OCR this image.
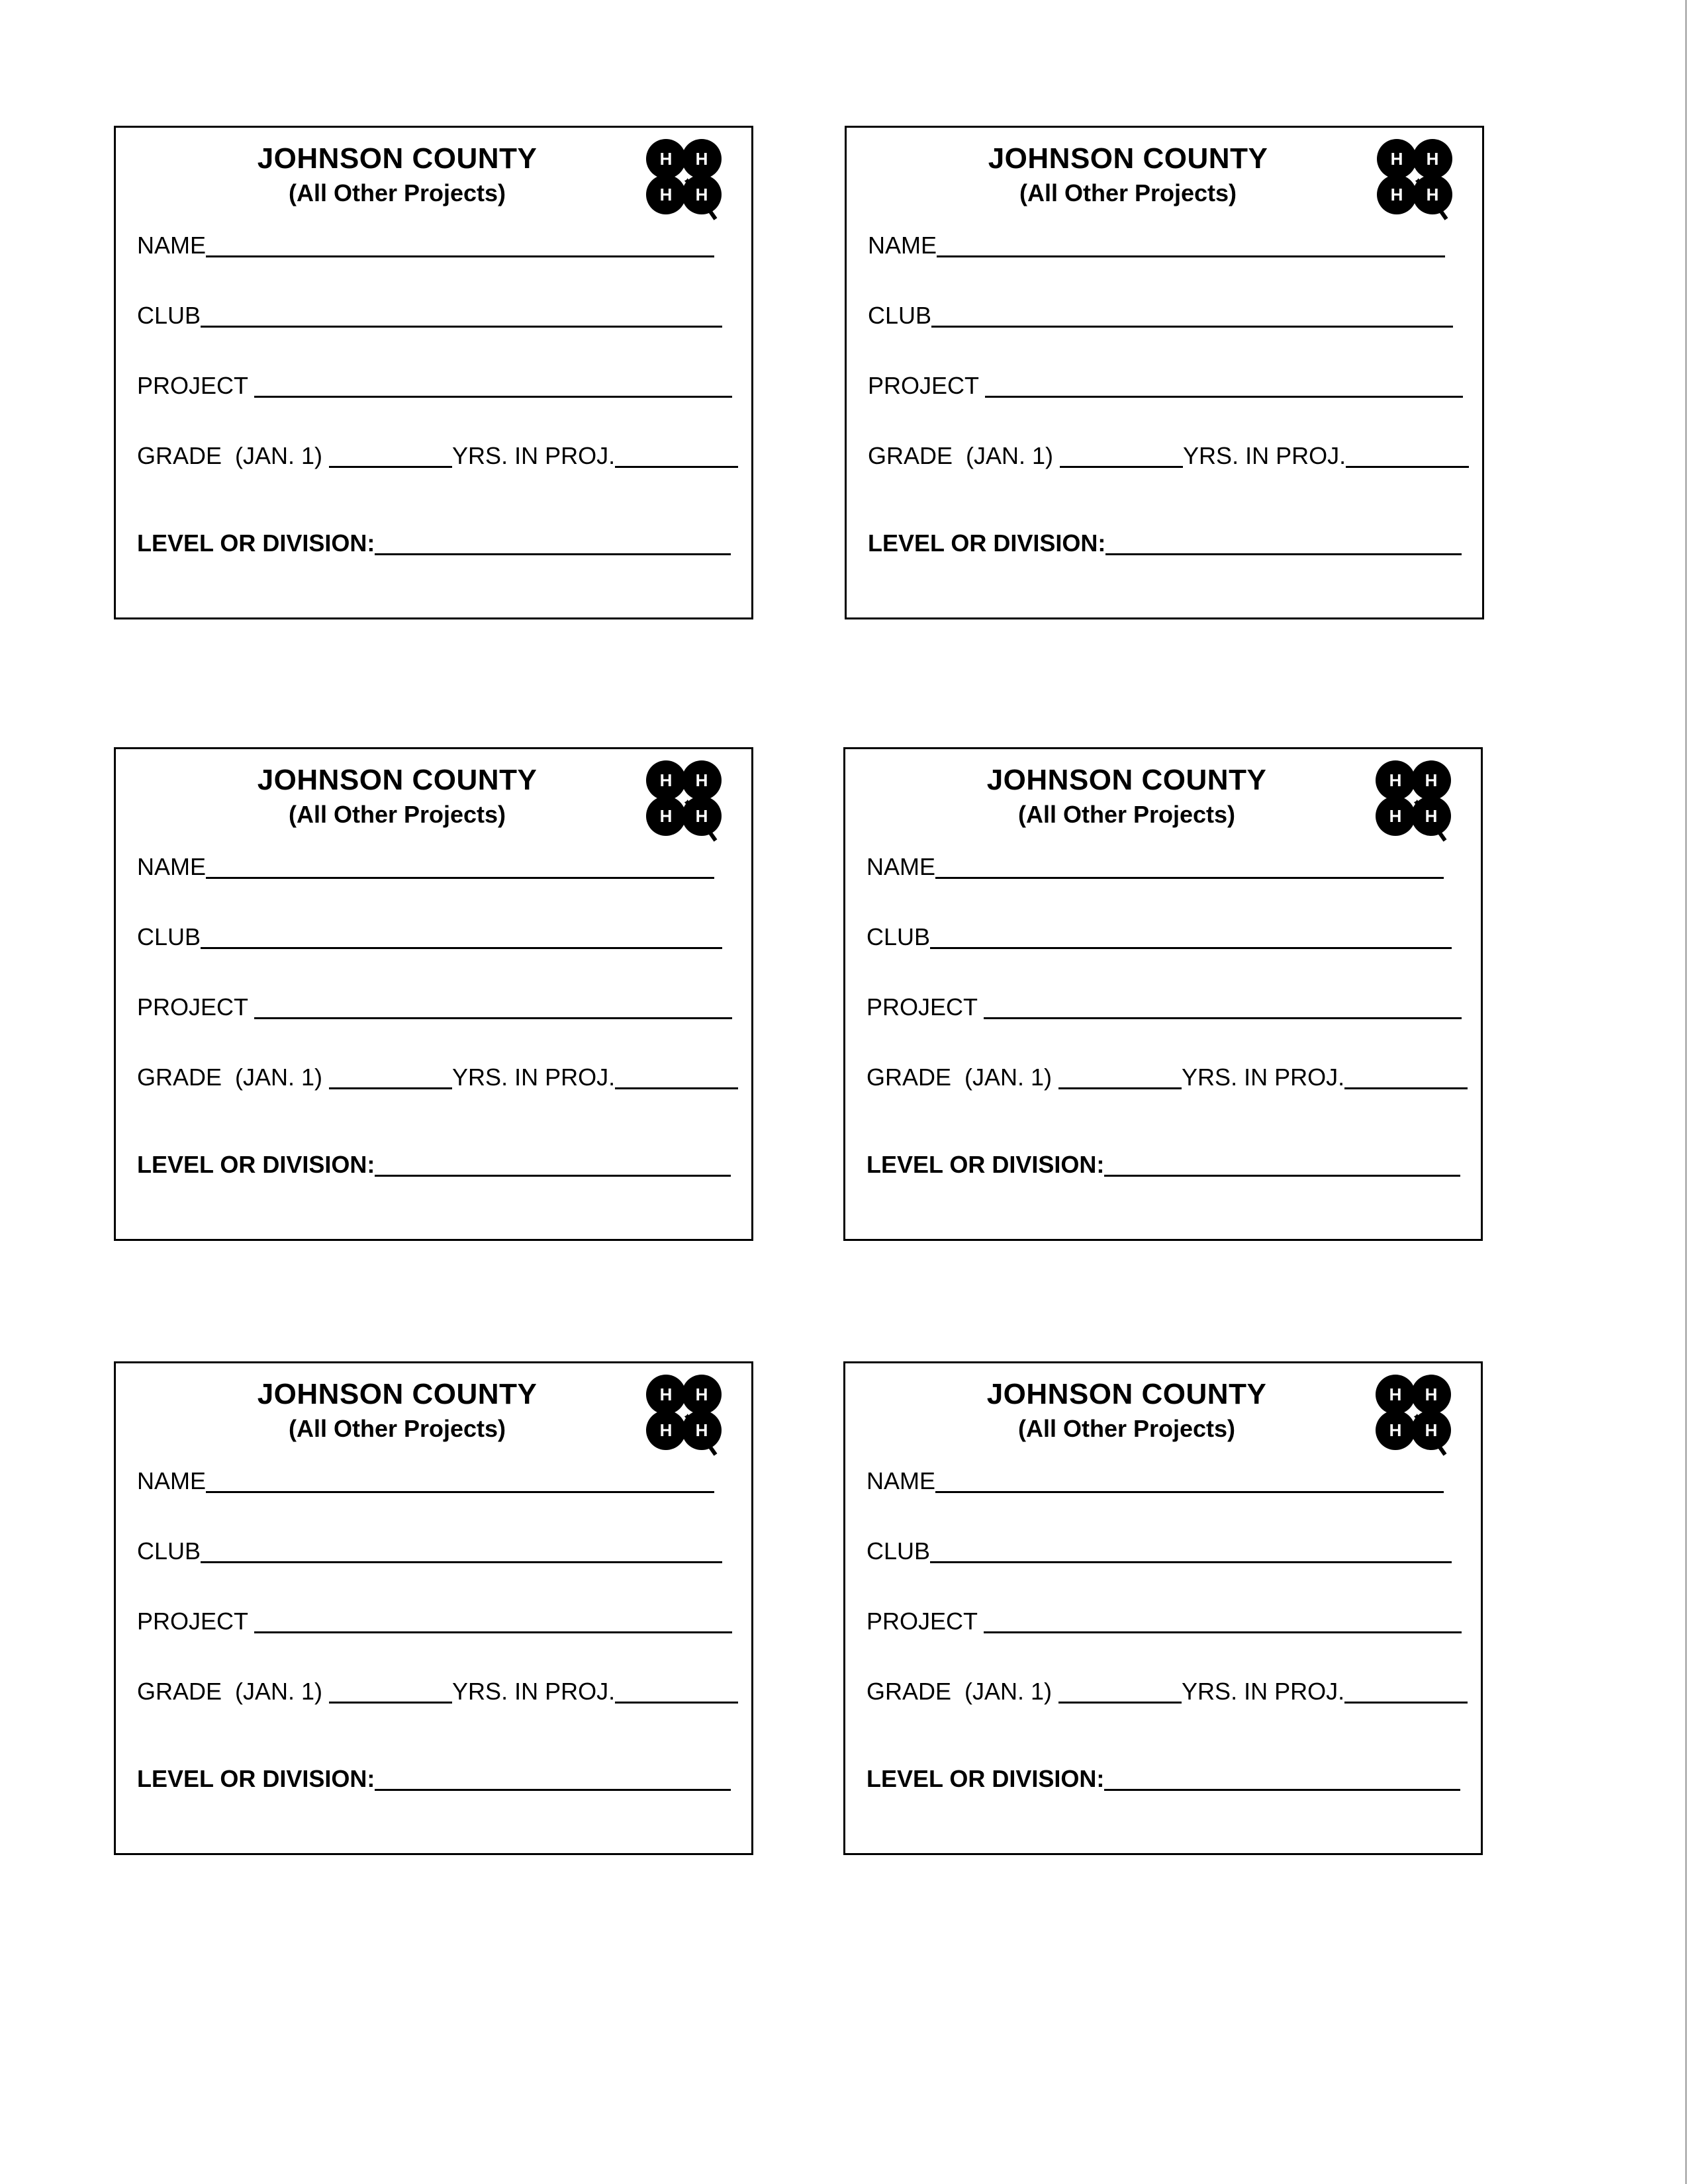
JOHNSON COUNTY
(All Other Projects)
H H
H H
NAME
CLUB
PROJECT
GRADE  (JAN. 1)	YRS. IN PROJ.
LEVEL OR DIVISION:
JOHNSON COUNTY
(All Other Projects)
H H
H H
NAME
CLUB
PROJECT
GRADE  (JAN. 1)	YRS. IN PROJ.
LEVEL OR DIVISION:
JOHNSON COUNTY
(All Other Projects)
H H
H H
NAME
CLUB
PROJECT
GRADE  (JAN. 1)	YRS. IN PROJ.
LEVEL OR DIVISION:
JOHNSON COUNTY
(All Other Projects)
H H
H H
NAME
CLUB
PROJECT
GRADE  (JAN. 1)	YRS. IN PROJ.
LEVEL OR DIVISION:
JOHNSON COUNTY
(All Other Projects)
H H
H H
NAME
CLUB
PROJECT
GRADE  (JAN. 1)	YRS. IN PROJ.
LEVEL OR DIVISION:
JOHNSON COUNTY
(All Other Projects)
H H
H H
NAME
CLUB
PROJECT
GRADE  (JAN. 1)	YRS. IN PROJ.
LEVEL OR DIVISION:
